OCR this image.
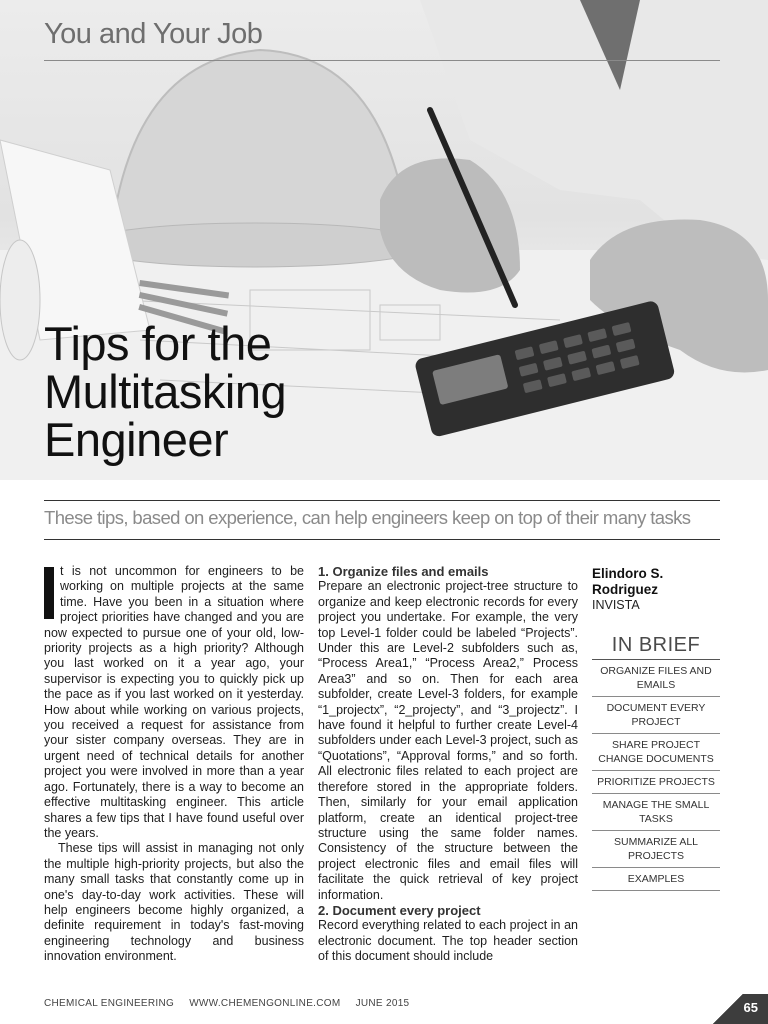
You and Your Job
Tips for the
Multitasking
Engineer
These tips, based on experience, can help engineers keep on top of their many tasks

t is not uncommon for engineers to be working on multiple projects at the same time. Have you been in a situation where project priorities have changed and you are now expected to pursue one of your old, low-priority projects as a high priority? Although you last worked on it a year ago, your supervisor is expecting you to quickly pick up the pace as if you last worked on it yesterday. How about while working on various projects, you received a request for assistance from your sister company overseas. They are in urgent need of technical details for another project you were involved in more than a year ago. Fortunately, there is a way to become an effective multitasking engineer. This article shares a few tips that I have found useful over the years.

These tips will assist in managing not only the multiple high-priority projects, but also the many small tasks that constantly come up in one's day-to-day work activities. These will help engineers become highly organized, a definite requirement in today's fast-moving engineering technology and business innovation environment.

1. Organize files and emails

Prepare an electronic project-tree structure to organize and keep electronic records for every project you undertake. For example, the very top Level-1 folder could be labeled “Projects”. Under this are Level-2 subfolders such as, “Process Area1,” “Process Area2,” Process Area3” and so on. Then for each area subfolder, create Level-3 folders, for example “1_projectx”, “2_projecty”, and “3_projectz”. I have found it helpful to further create Level-4 subfolders under each Level-3 project, such as “Quotations”, “Approval forms,” and so forth. All electronic files related to each project are therefore stored in the appropriate folders. Then, similarly for your email application platform, create an identical project-tree structure using the same folder names. Consistency of the structure between the project electronic files and email files will facilitate the quick retrieval of key project information.

2. Document every project

Record everything related to each project in an electronic document. The top header section of this document should include

Elindoro S. Rodriguez
INVISTA
IN BRIEF
ORGANIZE FILES AND EMAILS
DOCUMENT EVERY PROJECT
SHARE PROJECT CHANGE DOCUMENTS
PRIORITIZE PROJECTS
MANAGE THE SMALL TASKS
SUMMARIZE ALL PROJECTS
EXAMPLES
CHEMICAL ENGINEERING WWW.CHEMENGONLINE.COM JUNE 2015	65
